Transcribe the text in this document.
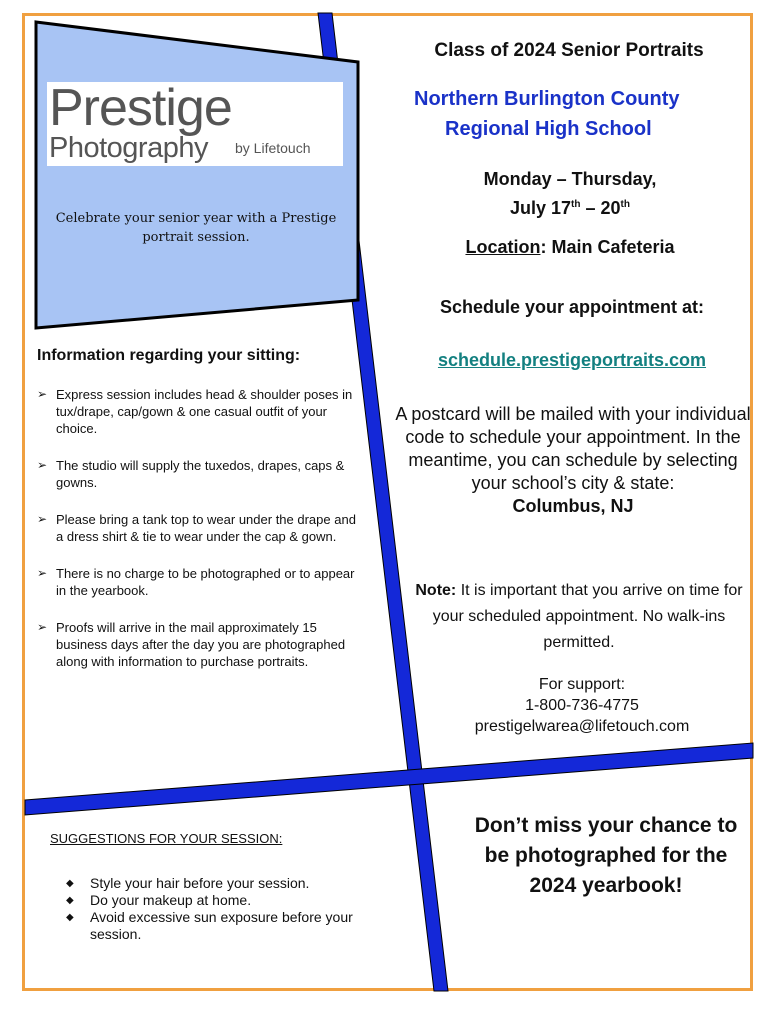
Prestige
Photography by Lifetouch
Celebrate your senior year with a Prestige portrait session.
Class of 2024 Senior Portraits
Northern Burlington County
Regional High School
Monday – Thursday,
July 17th – 20th
Location: Main Cafeteria
Schedule your appointment at:
schedule.prestigeportraits.com
A postcard will be mailed with your individual code to schedule your appointment. In the meantime, you can schedule by selecting your school’s city & state:
Columbus, NJ
Note: It is important that you arrive on time for your scheduled appointment. No walk-ins permitted.
For support:
1-800-736-4775
prestigelwarea@lifetouch.com
Don’t miss your chance to be photographed for the 2024 yearbook!
Information regarding your sitting:
➢ Express session includes head & shoulder poses in tux/drape, cap/gown & one casual outfit of your choice.
➢ The studio will supply the tuxedos, drapes, caps & gowns.
➢ Please bring a tank top to wear under the drape and a dress shirt & tie to wear under the cap & gown.
➢ There is no charge to be photographed or to appear in the yearbook.
➢ Proofs will arrive in the mail approximately 15 business days after the day you are photographed along with information to purchase portraits.
SUGGESTIONS FOR YOUR SESSION:
◆ Style your hair before your session.
◆ Do your makeup at home.
◆ Avoid excessive sun exposure before your session.
